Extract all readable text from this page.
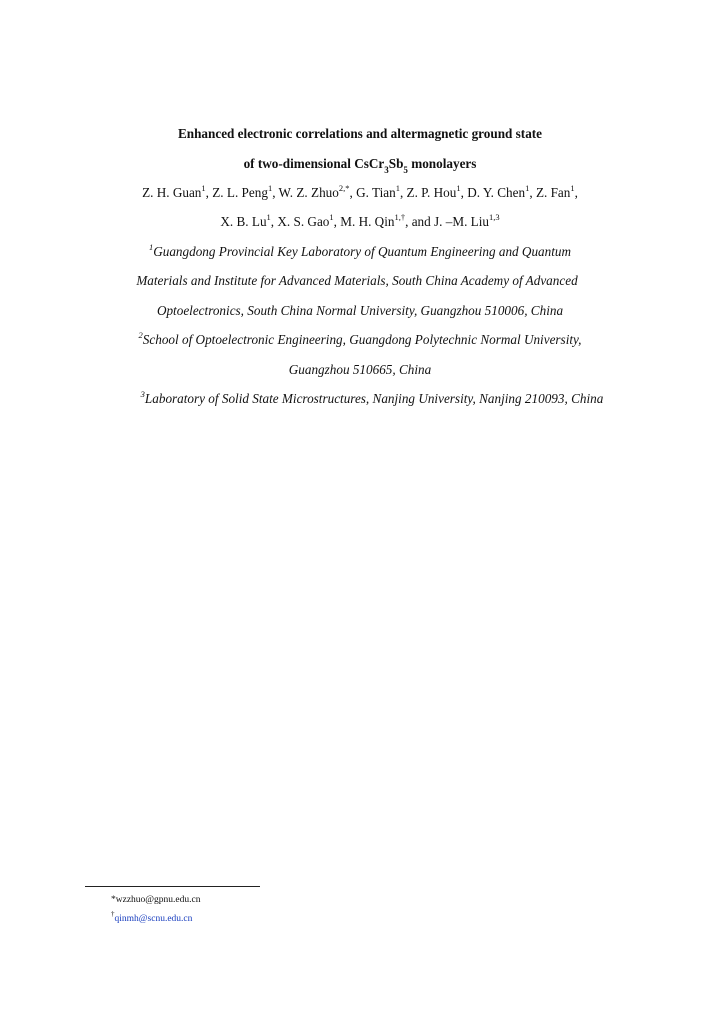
Enhanced electronic correlations and altermagnetic ground state
of two-dimensional $CsCr_3Sb_5$ monolayers
Z. H. Guan$^1$, Z. L. Peng$^1$, W. Z. Zhuo$^{2,*}$, G. Tian$^1$, Z. P. Hou$^1$, D. Y. Chen$^1$, Z. Fan$^1$,
X. B. Lu$^1$, X. S. Gao$^1$, M. H. Qin$^{1,\dagger}$, and J. –M. Liu$^{1,3}$
$^1$Guangdong Provincial Key Laboratory of Quantum Engineering and Quantum
Materials and Institute for Advanced Materials, South China Academy of Advanced
Optoelectronics, South China Normal University, Guangzhou 510006, China
$^2$School of Optoelectronic Engineering, Guangdong Polytechnic Normal University,
Guangzhou 510665, China
$^3$Laboratory of Solid State Microstructures, Nanjing University, Nanjing 210093, China
*wzzhuo@gpnu.edu.cn
†qinmh@scnu.edu.cn
